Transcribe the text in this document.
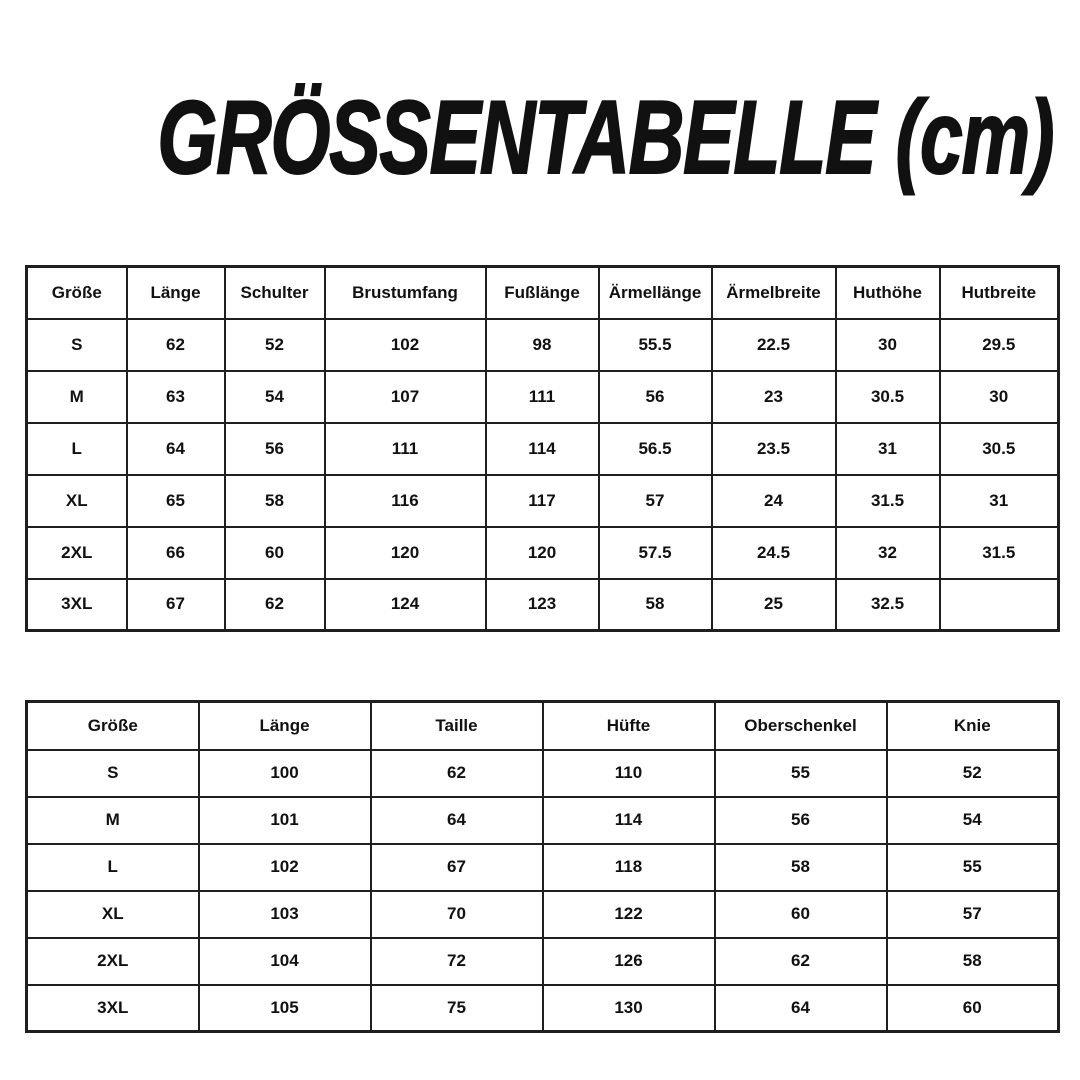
GRÖSSENTABELLE (cm)
Größe	Länge	Schulter	Brustumfang	Fußlänge	Ärmellänge	Ärmelbreite	Huthöhe	Hutbreite
S	62	52	102	98	55.5	22.5	30	29.5
M	63	54	107	111	56	23	30.5	30
L	64	56	111	114	56.5	23.5	31	30.5
XL	65	58	116	117	57	24	31.5	31
2XL	66	60	120	120	57.5	24.5	32	31.5
3XL	67	62	124	123	58	25	32.5	
Größe	Länge	Taille	Hüfte	Oberschenkel	Knie
S	100	62	110	55	52
M	101	64	114	56	54
L	102	67	118	58	55
XL	103	70	122	60	57
2XL	104	72	126	62	58
3XL	105	75	130	64	60
